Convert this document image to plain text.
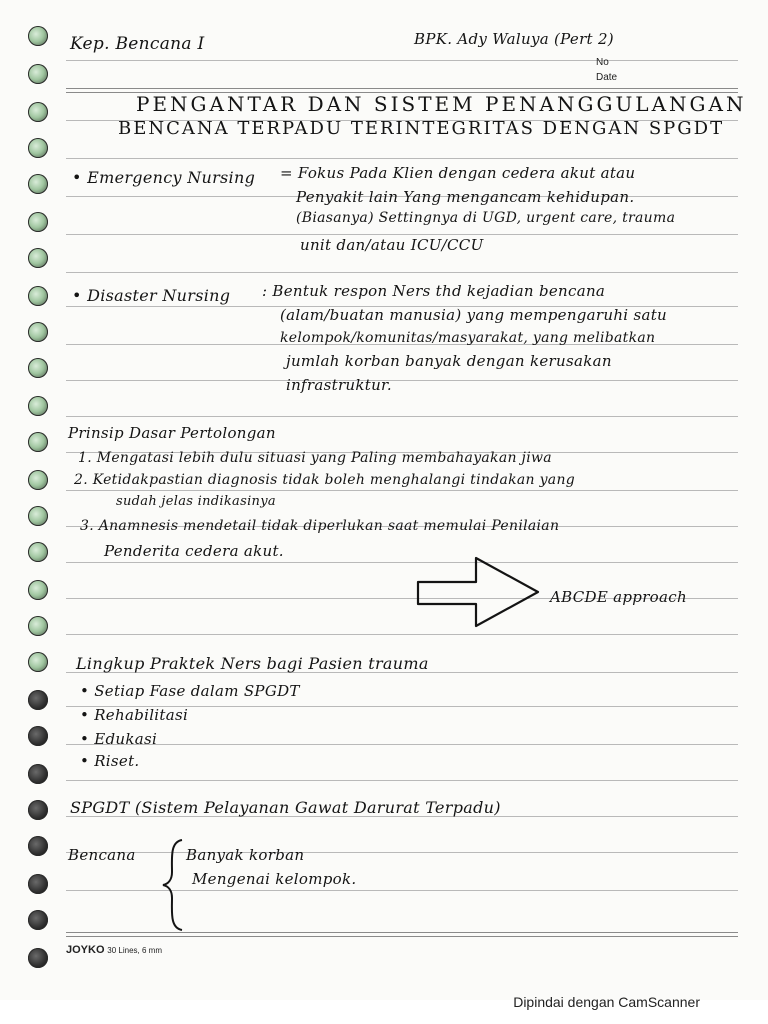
Kep. Bencana I	BPK. Ady Waluya (Pert 2)
No
Date
PENGANTAR DAN SISTEM PENANGGULANGAN
BENCANA TERPADU TERINTEGRITAS DENGAN SPGDT
• Emergency Nursing = Fokus Pada Klien dengan cedera akut atau
Penyakit lain Yang mengancam kehidupan.
(Biasanya) Settingnya di UGD, urgent care, trauma
unit dan/atau ICU/CCU
• Disaster Nursing : Bentuk respon Ners thd kejadian bencana
(alam/buatan manusia) yang mempengaruhi satu
kelompok/komunitas/masyarakat, yang melibatkan
jumlah korban banyak dengan kerusakan
infrastruktur.
Prinsip Dasar Pertolongan
1. Mengatasi lebih dulu situasi yang Paling membahayakan jiwa
2. Ketidakpastian diagnosis tidak boleh menghalangi tindakan yang
sudah jelas indikasinya
3. Anamnesis mendetail tidak diperlukan saat memulai Penilaian
Penderita cedera akut.
ABCDE approach
Lingkup Praktek Ners bagi Pasien trauma
• Setiap Fase dalam SPGDT
• Rehabilitasi
• Edukasi
• Riset.
SPGDT (Sistem Pelayanan Gawat Darurat Terpadu)
Bencana	Banyak korban
Mengenai kelompok.
JOYKO 30 Lines, 6 mm
Dipindai dengan CamScanner
